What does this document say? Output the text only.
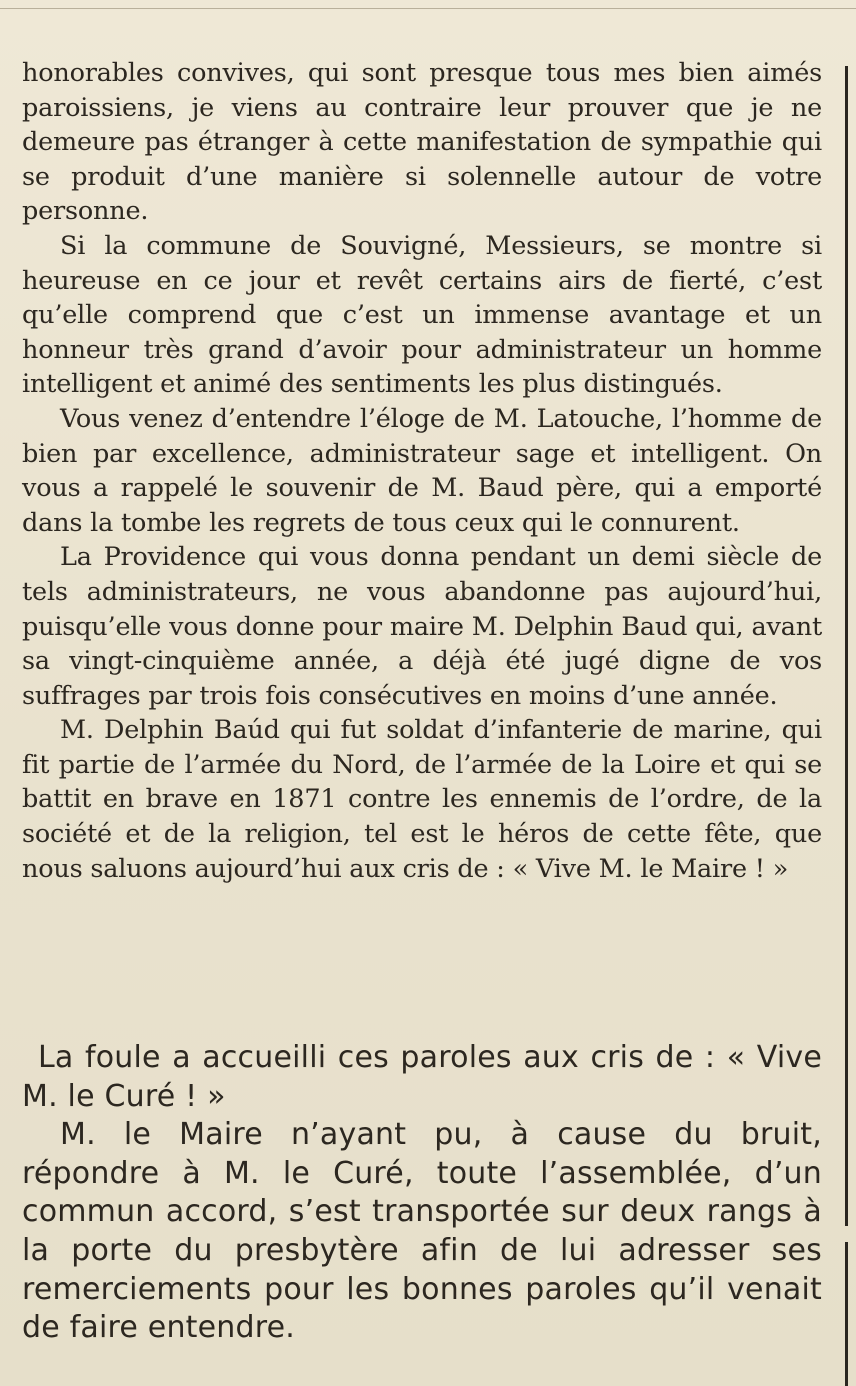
honorables convives, qui sont presque tous mes bien aimés paroissiens, je viens au contraire leur prouver que je ne demeure pas étranger à cette manifestation de sympathie qui se produit d’une manière si solennelle autour de votre personne.

Si la commune de Souvigné, Messieurs, se montre si heureuse en ce jour et revêt certains airs de fierté, c’est qu’elle comprend que c’est un immense avantage et un honneur très grand d’avoir pour administrateur un homme intelligent et animé des sentiments les plus distingués.

Vous venez d’entendre l’éloge de M. Latouche, l’homme de bien par excellence, administrateur sage et intelligent. On vous a rappelé le souvenir de M. Baud père, qui a emporté dans la tombe les regrets de tous ceux qui le connurent.

La Providence qui vous donna pendant un demi siècle de tels administrateurs, ne vous abandonne pas aujourd’hui, puisqu’elle vous donne pour maire M. Delphin Baud qui, avant sa vingt-cinquième année, a déjà été jugé digne de vos suffrages par trois fois consécutives en moins d’une année.

M. Delphin Baúd qui fut soldat d’infanterie de marine, qui fit partie de l’armée du Nord, de l’armée de la Loire et qui se battit en brave en 1871 contre les ennemis de l’ordre, de la société et de la religion, tel est le héros de cette fête, que nous saluons aujourd’hui aux cris de : « Vive M. le Maire ! »

La foule a accueilli ces paroles aux cris de : « Vive M. le Curé ! »

M. le Maire n’ayant pu, à cause du bruit, répondre à M. le Curé, toute l’assemblée, d’un commun accord, s’est transportée sur deux rangs à la porte du presbytère afin de lui adresser ses remerciements pour les bonnes paroles qu’il venait de faire entendre.
